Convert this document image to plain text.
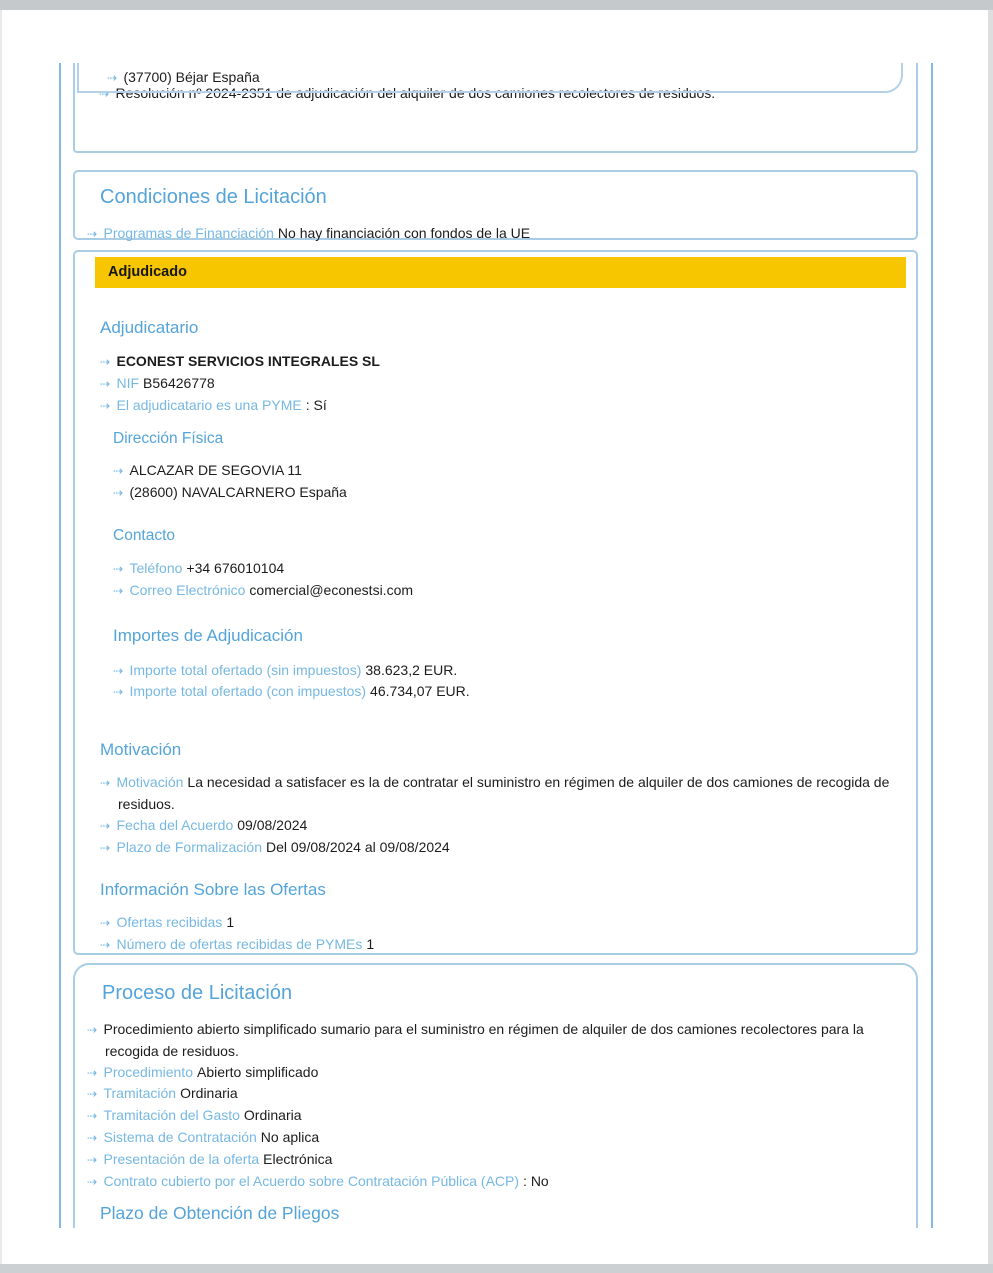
⇢ (37700) Béjar España
⇢ Resolución nº 2024-2351 de adjudicación del alquiler de dos camiones recolectores de residuos.
Condiciones de Licitación
⇢ Programas de Financiación No hay financiación con fondos de la UE
Adjudicado
Adjudicatario
⇢ ECONEST SERVICIOS INTEGRALES SL
⇢ NIF B56426778
⇢ El adjudicatario es una PYME : Sí
Dirección Física
⇢ ALCAZAR DE SEGOVIA 11
⇢ (28600) NAVALCARNERO España
Contacto
⇢ Teléfono +34 676010104
⇢ Correo Electrónico comercial@econestsi.com
Importes de Adjudicación
⇢ Importe total ofertado (sin impuestos) 38.623,2 EUR.
⇢ Importe total ofertado (con impuestos) 46.734,07 EUR.
Motivación
⇢ Motivación La necesidad a satisfacer es la de contratar el suministro en régimen de alquiler de dos camiones de recogida de residuos.
⇢ Fecha del Acuerdo 09/08/2024
⇢ Plazo de Formalización Del 09/08/2024 al 09/08/2024
Información Sobre las Ofertas
⇢ Ofertas recibidas 1
⇢ Número de ofertas recibidas de PYMEs 1
Proceso de Licitación
⇢ Procedimiento abierto simplificado sumario para el suministro en régimen de alquiler de dos camiones recolectores para la recogida de residuos.
⇢ Procedimiento Abierto simplificado
⇢ Tramitación Ordinaria
⇢ Tramitación del Gasto Ordinaria
⇢ Sistema de Contratación No aplica
⇢ Presentación de la oferta Electrónica
⇢ Contrato cubierto por el Acuerdo sobre Contratación Pública (ACP) : No
Plazo de Obtención de Pliegos
